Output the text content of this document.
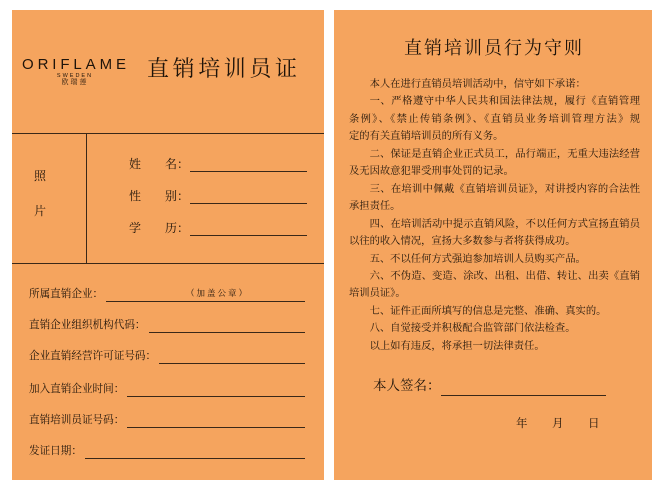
ORIFLAME
SWEDEN
欧瑞莲	直销培训员证
照
片
姓　　名：
性　　别：
学　　历：
所属直销企业：	（加盖公章）
直销企业组织机构代码：
企业直销经营许可证号码：
加入直销企业时间：
直销培训员证号码：
发证日期：
直销培训员行为守则
本人在进行直销员培训活动中，信守如下承诺：
一、严格遵守中华人民共和国法律法规，履行《直销管理
条例》、《禁止传销条例》、《直销员业务培训管理方法》规
定的有关直销培训员的所有义务。
二、保证是直销企业正式员工，品行端正，无重大违法经营
及无因故意犯罪受刑事处罚的记录。
三、在培训中佩戴《直销培训员证》，对讲授内容的合法性
承担责任。
四、在培训活动中提示直销风险，不以任何方式宣扬直销员
以往的收入情况，宣扬大多数参与者将获得成功。
五、不以任何方式强迫参加培训人员购买产品。
六、不伪造、变造、涂改、出租、出借、转让、出卖《直销
培训员证》。
七、证件正面所填写的信息是完整、准确、真实的。
八、自觉接受并积极配合监管部门依法检查。
以上如有违反，将承担一切法律责任。
本人签名：
年 月 日
